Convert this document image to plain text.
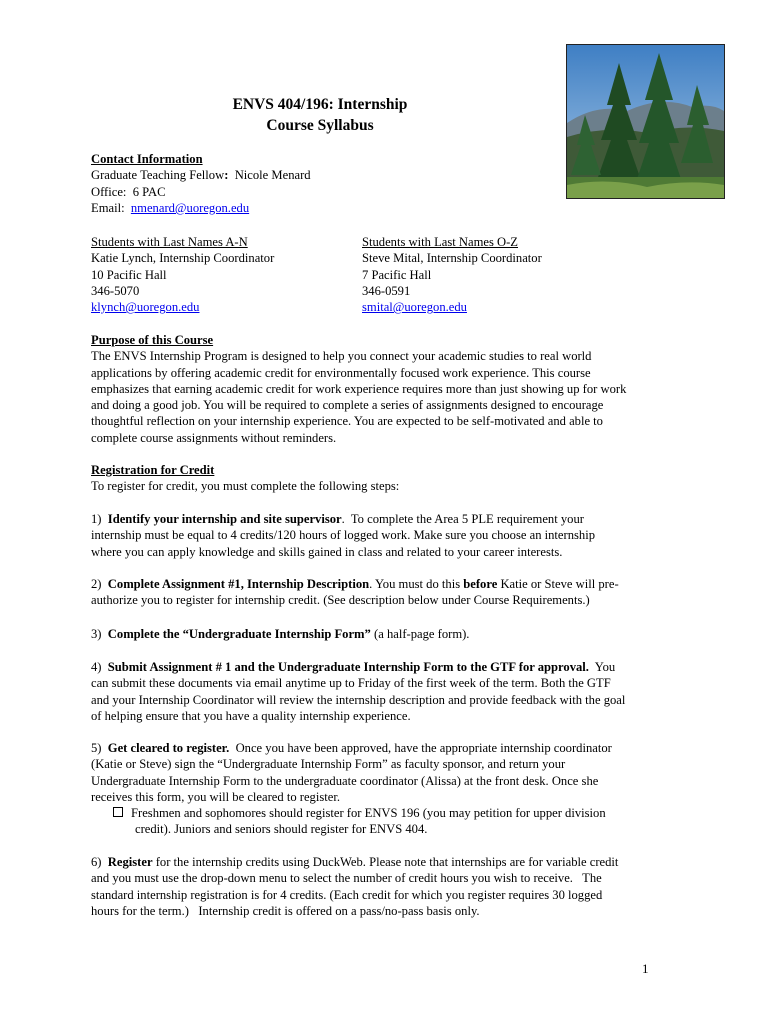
ENVS 404/196: Internship
Course Syllabus
Contact Information
Graduate Teaching Fellow:  Nicole Menard
Office:  6 PAC
Email:  nmenard@uoregon.edu
Students with Last Names A-N
Katie Lynch, Internship Coordinator
10 Pacific Hall
346-5070
klynch@uoregon.edu
Students with Last Names O-Z
Steve Mital, Internship Coordinator
7 Pacific Hall
346-0591
smital@uoregon.edu
Purpose of this Course
The ENVS Internship Program is designed to help you connect your academic studies to real world
applications by offering academic credit for environmentally focused work experience. This course
emphasizes that earning academic credit for work experience requires more than just showing up for work
and doing a good job. You will be required to complete a series of assignments designed to encourage
thoughtful reflection on your internship experience. You are expected to be self-motivated and able to
complete course assignments without reminders.
Registration for Credit
To register for credit, you must complete the following steps:
1)  Identify your internship and site supervisor.  To complete the Area 5 PLE requirement your
internship must be equal to 4 credits/120 hours of logged work. Make sure you choose an internship
where you can apply knowledge and skills gained in class and related to your career interests.
2)  Complete Assignment #1, Internship Description. You must do this before Katie or Steve will pre-
authorize you to register for internship credit. (See description below under Course Requirements.)
3)  Complete the “Undergraduate Internship Form” (a half-page form).
4)  Submit Assignment # 1 and the Undergraduate Internship Form to the GTF for approval.  You
can submit these documents via email anytime up to Friday of the first week of the term. Both the GTF
and your Internship Coordinator will review the internship description and provide feedback with the goal
of helping ensure that you have a quality internship experience.
5)  Get cleared to register.  Once you have been approved, have the appropriate internship coordinator
(Katie or Steve) sign the “Undergraduate Internship Form” as faculty sponsor, and return your
Undergraduate Internship Form to the undergraduate coordinator (Alissa) at the front desk. Once she
receives this form, you will be cleared to register.
Freshmen and sophomores should register for ENVS 196 (you may petition for upper division
credit). Juniors and seniors should register for ENVS 404.
6)  Register for the internship credits using DuckWeb. Please note that internships are for variable credit
and you must use the drop-down menu to select the number of credit hours you wish to receive.   The
standard internship registration is for 4 credits. (Each credit for which you register requires 30 logged
hours for the term.)   Internship credit is offered on a pass/no-pass basis only.
1
